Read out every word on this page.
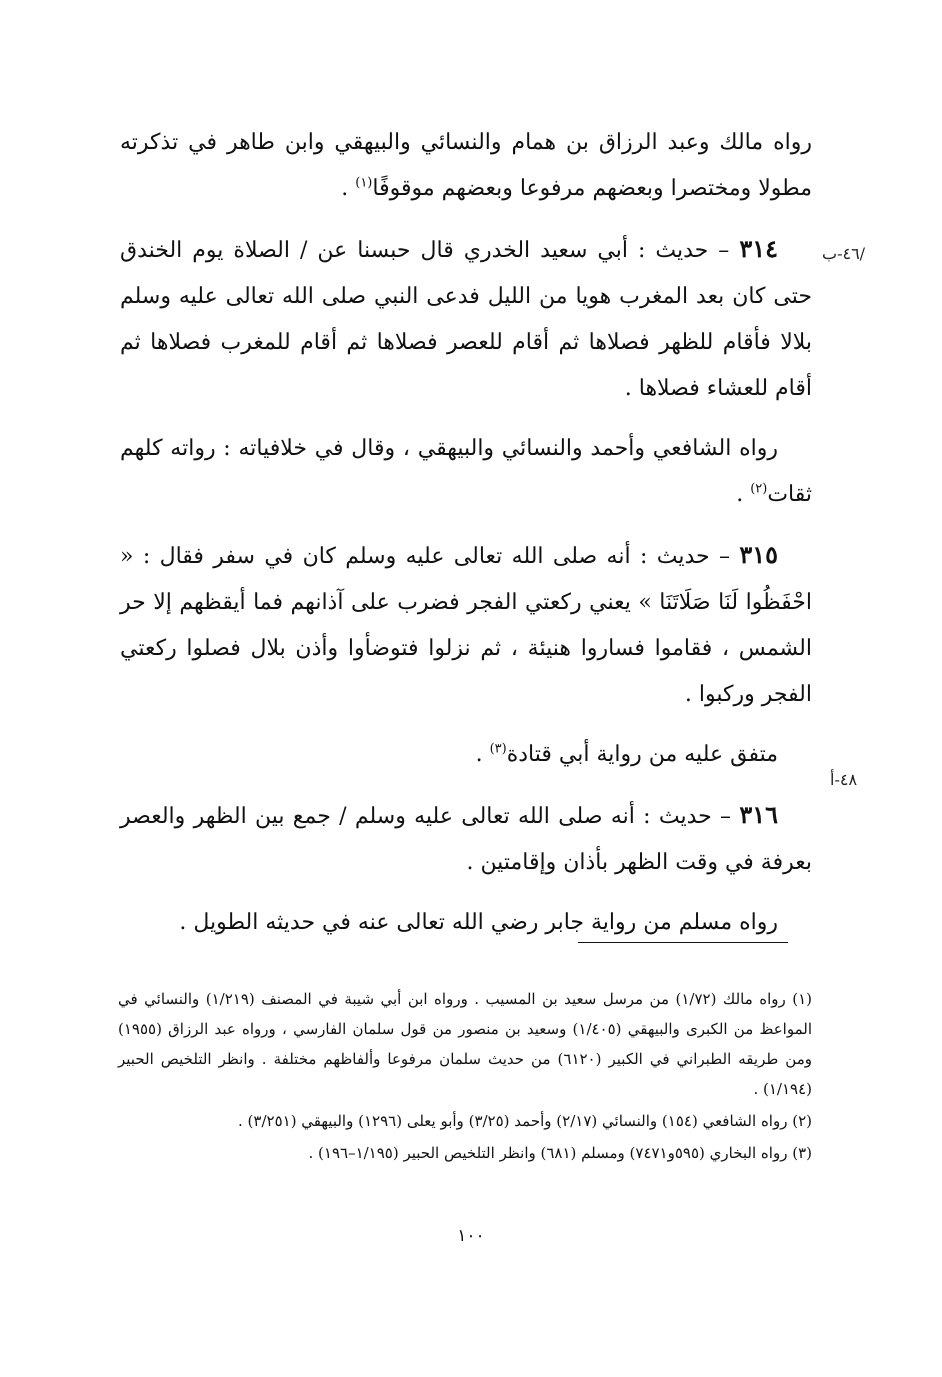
/٤٦-ب
٤٨-أ

رواه مالك وعبد الرزاق بن همام والنسائي والبيهقي وابن طاهر في تذكرته مطولا ومختصرا وبعضهم مرفوعا وبعضهم موقوفًا$^{(١)}$ .

٣١٤ – حديث : أبي سعيد الخدري قال حبسنا عن / الصلاة يوم الخندق حتى كان بعد المغرب هويا من الليل فدعى النبي صلى الله تعالى عليه وسلم بلالا فأقام للظهر فصلاها ثم أقام للعصر فصلاها ثم أقام للمغرب فصلاها ثم أقام للعشاء فصلاها .

رواه الشافعي وأحمد والنسائي والبيهقي ، وقال في خلافياته : رواته كلهم ثقات$^{(٢)}$ .

٣١٥ – حديث : أنه صلى الله تعالى عليه وسلم كان في سفر فقال : « احْفَظُوا لَنَا صَلَاتَنَا » يعني ركعتي الفجر فضرب على آذانهم فما أيقظهم إلا حر الشمس ، فقاموا فساروا هنيئة ، ثم نزلوا فتوضأوا وأذن بلال فصلوا ركعتي الفجر وركبوا .

متفق عليه من رواية أبي قتادة$^{(٣)}$ .

٣١٦ – حديث : أنه صلى الله تعالى عليه وسلم / جمع بين الظهر والعصر بعرفة في وقت الظهر بأذان وإقامتين .

رواه مسلم من رواية جابر رضي الله تعالى عنه في حديثه الطويل .

(١) رواه مالك (١/٧٢) من مرسل سعيد بن المسيب . ورواه ابن أبي شيبة في المصنف (١/٢١٩) والنسائي في المواعظ من الكبرى والبيهقي (١/٤٠٥) وسعيد بن منصور من قول سلمان الفارسي ، ورواه عبد الرزاق (١٩٥٥) ومن طريقه الطبراني في الكبير (٦١٢٠) من حديث سلمان مرفوعا وألفاظهم مختلفة . وانظر التلخيص الحبير (١/١٩٤) .

(٢) رواه الشافعي (١٥٤) والنسائي (٢/١٧) وأحمد (٣/٢٥) وأبو يعلى (١٢٩٦) والبيهقي (٣/٢٥١) .

(٣) رواه البخاري (٥٩٥و٧٤٧١) ومسلم (٦٨١) وانظر التلخيص الحبير (١/١٩٥–١٩٦) .

١٠٠
